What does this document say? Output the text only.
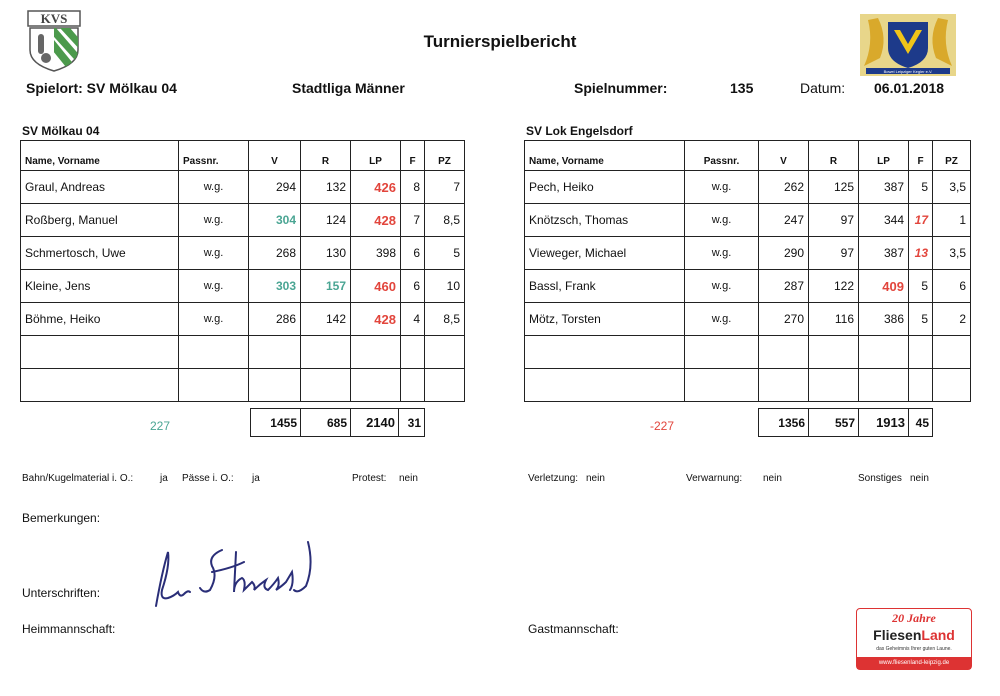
KVS
Bowel Leipziger Kegler e.V.
Turnierspielbericht
Spielort: SV Mölkau 04	Stadtliga Männer	Spielnummer:	135	Datum: 06.01.2018
SV Mölkau 04	SV Lok Engelsdorf
Name, Vorname	Passnr.	V	R	LP	F	PZ
Graul, Andreas	w.g.	294	132	426	8	7
Roßberg, Manuel	w.g.	304	124	428	7	8,5
Schmertosch, Uwe	w.g.	268	130	398	6	5
Kleine, Jens	w.g.	303	157	460	6	10
Böhme, Heiko	w.g.	286	142	428	4	8,5

227	1455	685	2140	31
Name, Vorname	Passnr.	V	R	LP	F	PZ
Pech, Heiko	w.g.	262	125	387	5	3,5
Knötzsch, Thomas	w.g.	247	97	344	17	1
Vieweger, Michael	w.g.	290	97	387	13	3,5
Bassl, Frank	w.g.	287	122	409	5	6
Mötz, Torsten	w.g.	270	116	386	5	2

-227	1356	557	1913	45
Bahn/Kugelmaterial i. O.:	ja Pässe i. O.: ja	Protest: nein	Verletzung: nein	Verwarnung: nein	Sonstiges nein
Bemerkungen:
Unterschriften:
Heimmannschaft:	Gastmannschaft:
20 Jahre
FliesenLand
das Geheimnis Ihrer guten Laune.
www.fliesenland-leipzig.de
